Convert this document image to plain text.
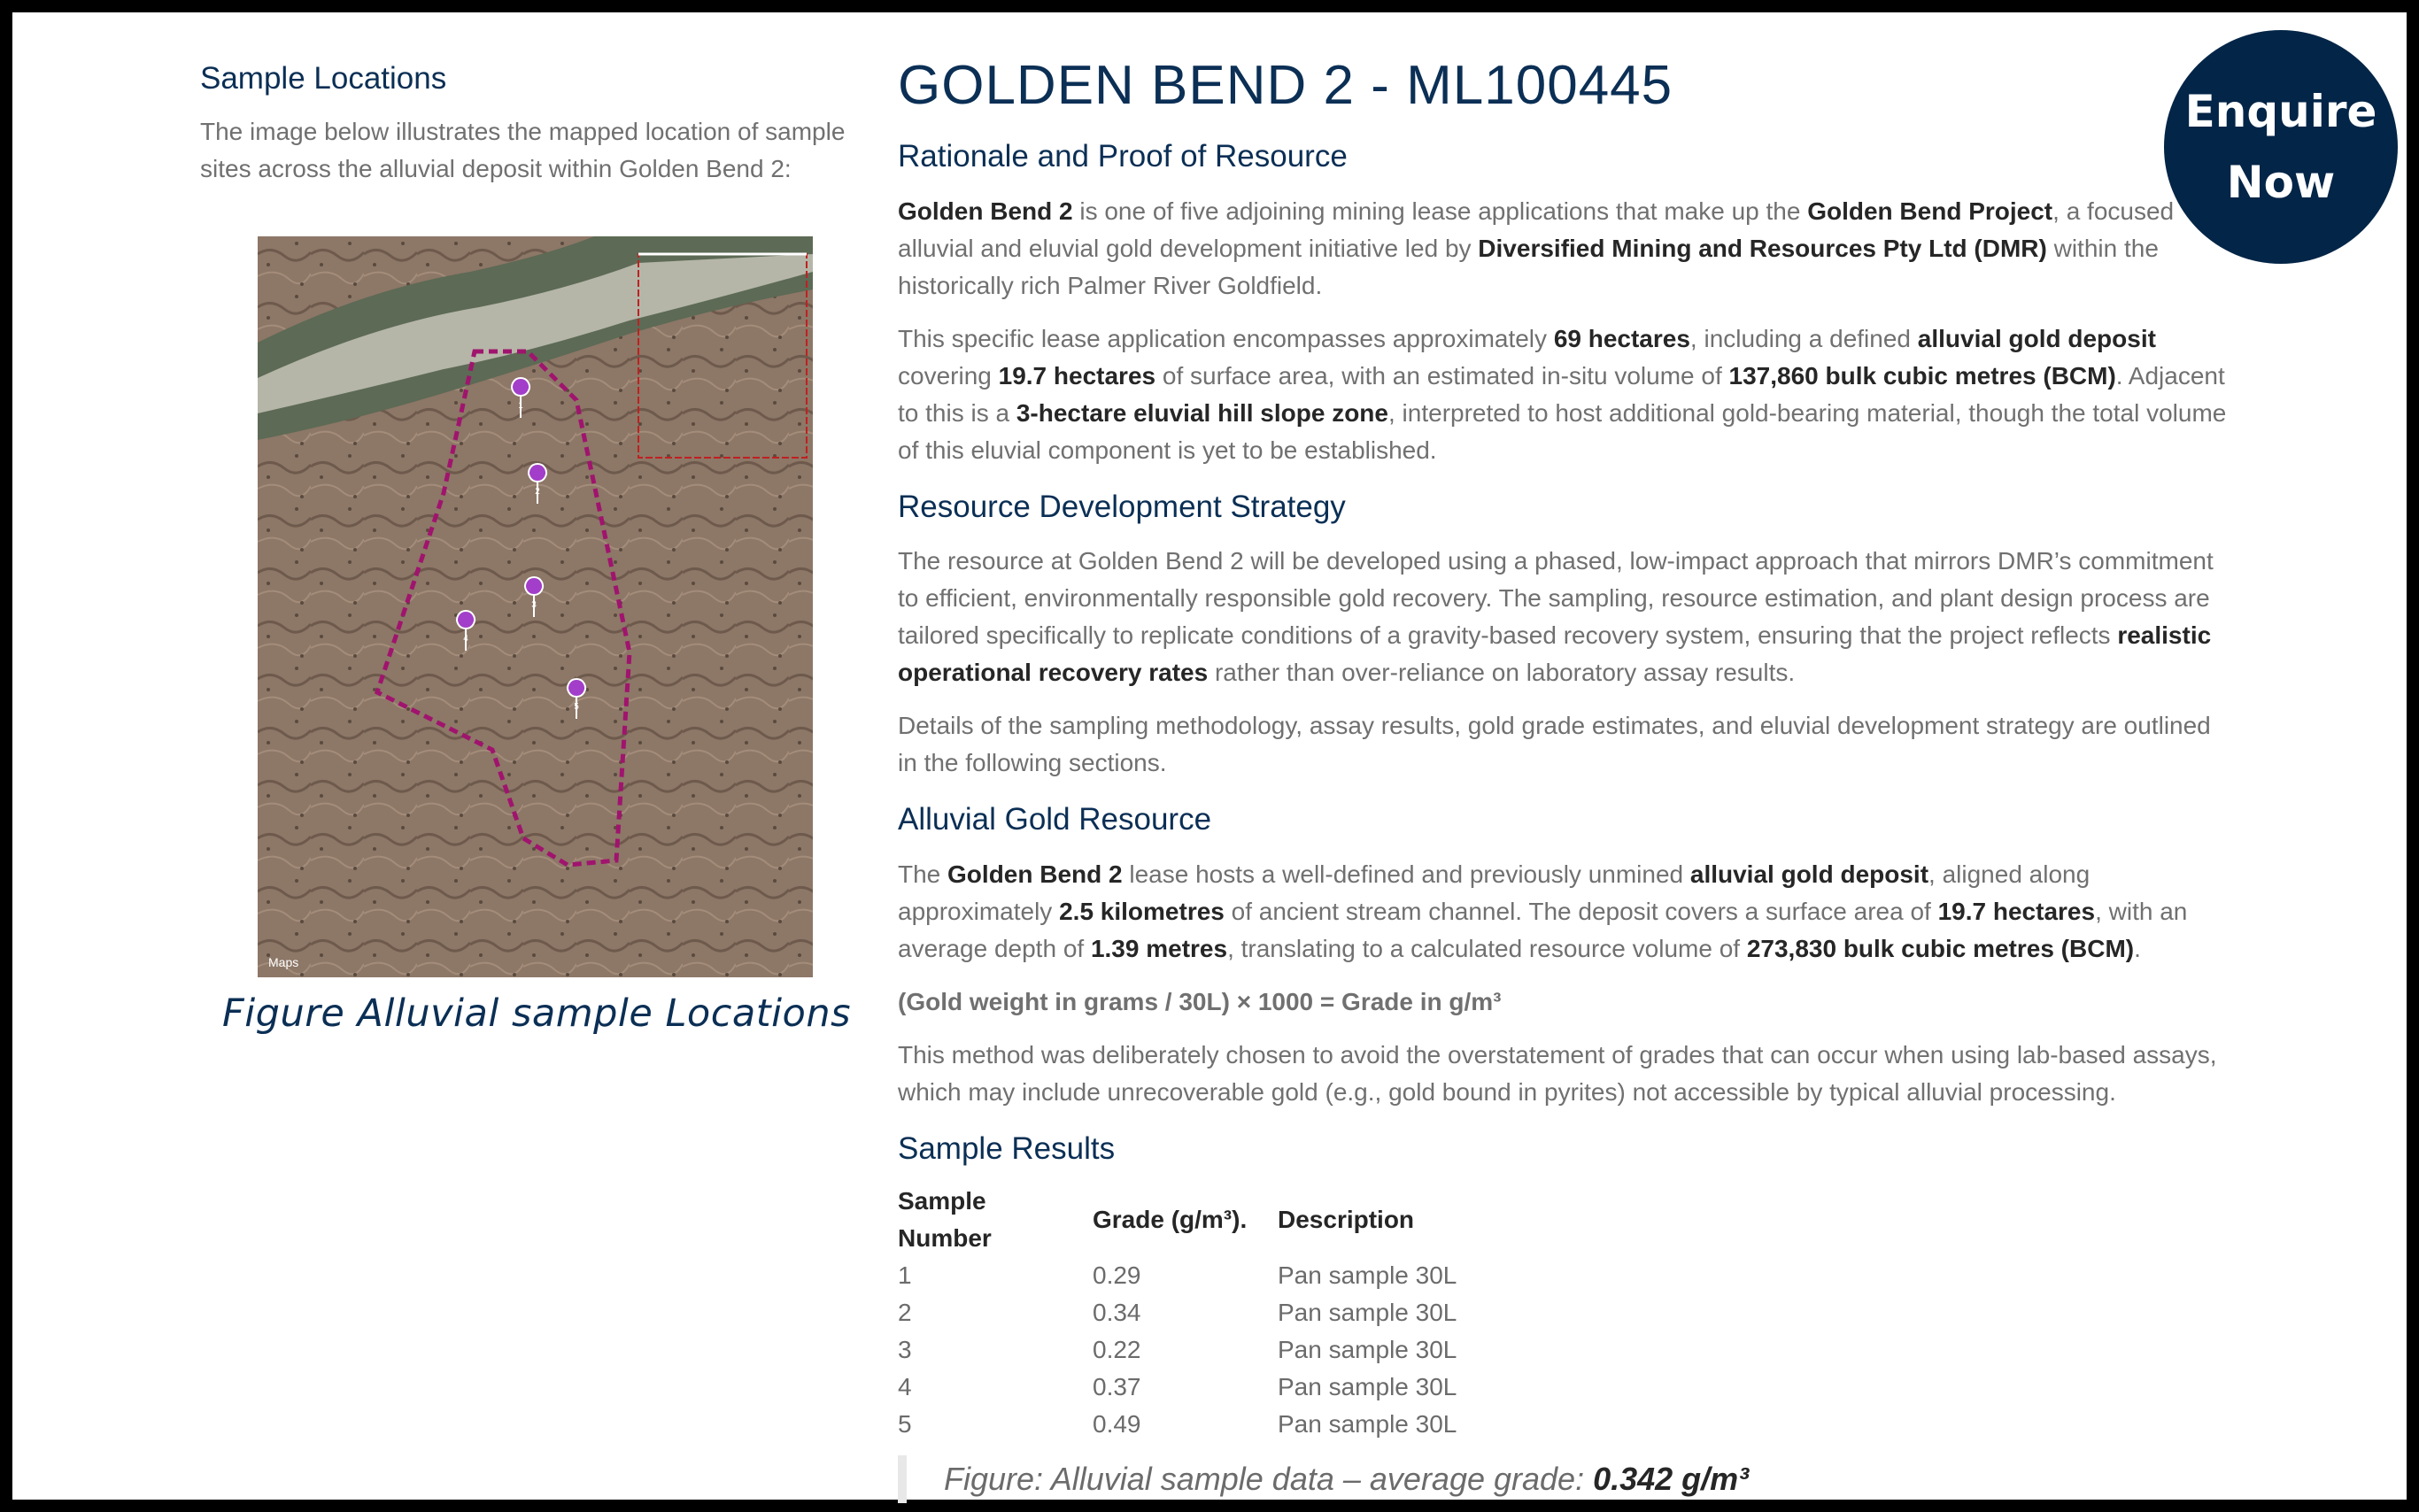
Sample Locations

The image below illustrates the mapped location of sample sites across the alluvial deposit within Golden Bend 2:

1
2
3
4
5
Maps
Figure Alluvial sample Locations
Enquire
Now
GOLDEN BEND 2 - ML100445
Rationale and Proof of Resource

Golden Bend 2 is one of five adjoining mining lease applications that make up the Golden Bend Project, a focused alluvial and eluvial gold development initiative led by Diversified Mining and Resources Pty Ltd (DMR) within the historically rich Palmer River Goldfield.

This specific lease application encompasses approximately 69 hectares, including a defined alluvial gold deposit covering 19.7 hectares of surface area, with an estimated in-situ volume of 137,860 bulk cubic metres (BCM). Adjacent to this is a 3-hectare eluvial hill slope zone, interpreted to host additional gold-bearing material, though the total volume of this eluvial component is yet to be established.

Resource Development Strategy

The resource at Golden Bend 2 will be developed using a phased, low-impact approach that mirrors DMR’s commitment to efficient, environmentally responsible gold recovery. The sampling, resource estimation, and plant design process are tailored specifically to replicate conditions of a gravity-based recovery system, ensuring that the project reflects realistic operational recovery rates rather than over-reliance on laboratory assay results.

Details of the sampling methodology, assay results, gold grade estimates, and eluvial development strategy are outlined in the following sections.

Alluvial Gold Resource

The Golden Bend 2 lease hosts a well-defined and previously unmined alluvial gold deposit, aligned along approximately 2.5 kilometres of ancient stream channel. The deposit covers a surface area of 19.7 hectares, with an average depth of 1.39 metres, translating to a calculated resource volume of 273,830 bulk cubic metres (BCM).

(Gold weight in grams / 30L) × 1000 = Grade in g/m³

This method was deliberately chosen to avoid the overstatement of grades that can occur when using lab-based assays, which may include unrecoverable gold (e.g., gold bound in pyrites) not accessible by typical alluvial processing.

Sample Results
Sample Number	Grade (g/m³).	Description
1	0.29	Pan sample 30L
2	0.34	Pan sample 30L
3	0.22	Pan sample 30L
4	0.37	Pan sample 30L
5	0.49	Pan sample 30L
Figure: Alluvial sample data – average grade: 0.342 g/m³
